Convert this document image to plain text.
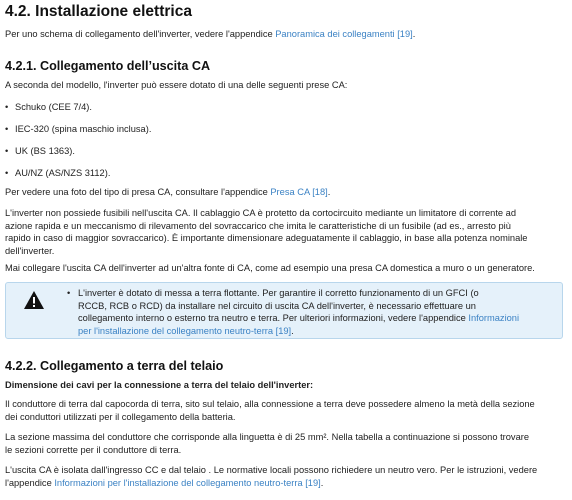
4.2. Installazione elettrica
Per uno schema di collegamento dell'inverter, vedere l'appendice Panoramica dei collegamenti [19].
4.2.1. Collegamento dell’uscita CA
A seconda del modello, l'inverter può essere dotato di una delle seguenti prese CA:
• Schuko (CEE 7/4).
• IEC-320 (spina maschio inclusa).
• UK (BS 1363).
• AU/NZ (AS/NZS 3112).
Per vedere una foto del tipo di presa CA, consultare l'appendice Presa CA [18].
L'inverter non possiede fusibili nell'uscita CA. Il cablaggio CA è protetto da cortocircuito mediante un limitatore di corrente ad
azione rapida e un meccanismo di rilevamento del sovraccarico che imita le caratteristiche di un fusibile (ad es., arresto più
rapido in caso di maggior sovraccarico). È importante dimensionare adeguatamente il cablaggio, in base alla potenza nominale
dell'inverter.
Mai collegare l'uscita CA dell'inverter ad un'altra fonte di CA, come ad esempio una presa CA domestica a muro o un generatore.
• L'inverter è dotato di messa a terra flottante. Per garantire il corretto funzionamento di un GFCI (o
RCCB, RCB o RCD) da installare nel circuito di uscita CA dell'inverter, è necessario effettuare un
collegamento interno o esterno tra neutro e terra. Per ulteriori informazioni, vedere l'appendice Informazioni
per l'installazione del collegamento neutro-terra [19].
4.2.2. Collegamento a terra del telaio
Dimensione dei cavi per la connessione a terra del telaio dell'inverter:
Il conduttore di terra dal capocorda di terra, sito sul telaio, alla connessione a terra deve possedere almeno la metà della sezione
dei conduttori utilizzati per il collegamento della batteria.
La sezione massima del conduttore che corrisponde alla linguetta è di 25 mm². Nella tabella a continuazione si possono trovare
le sezioni corrette per il conduttore di terra.
L'uscita CA è isolata dall'ingresso CC e dal telaio . Le normative locali possono richiedere un neutro vero. Per le istruzioni, vedere
l'appendice Informazioni per l'installazione del collegamento neutro-terra [19].
